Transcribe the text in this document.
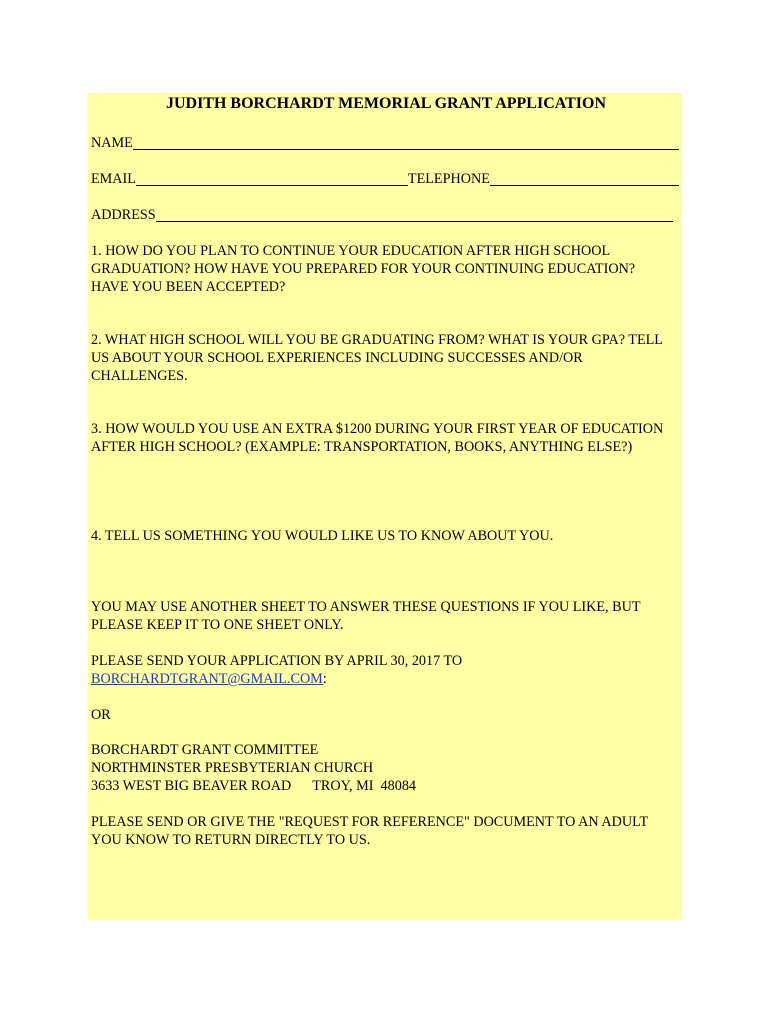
JUDITH BORCHARDT MEMORIAL GRANT APPLICATION
NAME
EMAIL	TELEPHONE
ADDRESS

1. HOW DO YOU PLAN TO CONTINUE YOUR EDUCATION AFTER HIGH SCHOOL GRADUATION? HOW HAVE YOU PREPARED FOR YOUR CONTINUING EDUCATION? HAVE YOU BEEN ACCEPTED?

2. WHAT HIGH SCHOOL WILL YOU BE GRADUATING FROM? WHAT IS YOUR GPA? TELL US ABOUT YOUR SCHOOL EXPERIENCES INCLUDING SUCCESSES AND/OR CHALLENGES.

3. HOW WOULD YOU USE AN EXTRA $1200 DURING YOUR FIRST YEAR OF EDUCATION AFTER HIGH SCHOOL? (EXAMPLE: TRANSPORTATION, BOOKS, ANYTHING ELSE?)

4. TELL US SOMETHING YOU WOULD LIKE US TO KNOW ABOUT YOU.

YOU MAY USE ANOTHER SHEET TO ANSWER THESE QUESTIONS IF YOU LIKE, BUT PLEASE KEEP IT TO ONE SHEET ONLY.

PLEASE SEND YOUR APPLICATION BY APRIL 30, 2017 TO

BORCHARDTGRANT@GMAIL.COM:

OR

BORCHARDT GRANT COMMITTEE

NORTHMINSTER PRESBYTERIAN CHURCH

3633 WEST BIG BEAVER ROAD      TROY, MI  48084

PLEASE SEND OR GIVE THE "REQUEST FOR REFERENCE" DOCUMENT TO AN ADULT YOU KNOW TO RETURN DIRECTLY TO US.
